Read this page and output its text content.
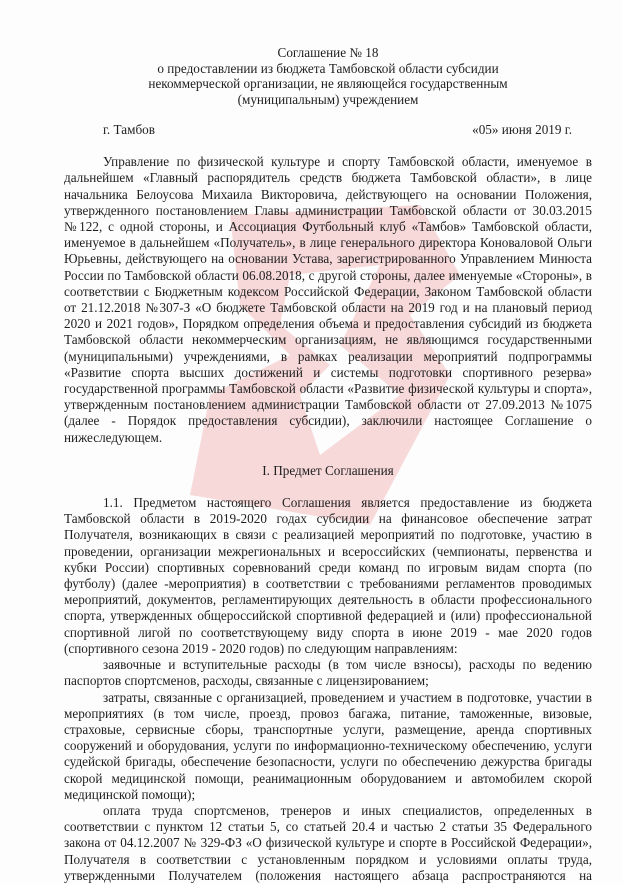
Соглашение № 18
о предоставлении из бюджета Тамбовской области субсидии
некоммерческой организации, не являющейся государственным
(муниципальным) учреждением
г. Тамбов	«05» июня 2019 г.

Управление по физической культуре и спорту Тамбовской области, именуемое в дальнейшем «Главный распорядитель средств бюджета Тамбовской области», в лице начальника Белоусова Михаила Викторовича, действующего на основании Положения, утвержденного постановлением Главы администрации Тамбовской области от 30.03.2015 №122, с одной стороны, и Ассоциация Футбольный клуб «Тамбов» Тамбовской области, именуемое в дальнейшем «Получатель», в лице генерального директора Коноваловой Ольги Юрьевны, действующего на основании Устава, зарегистрированного Управлением Минюста России по Тамбовской области 06.08.2018, с другой стороны, далее именуемые «Стороны», в соответствии с Бюджетным кодексом Российской Федерации, Законом Тамбовской области от 21.12.2018 №307-З «О бюджете Тамбовской области на 2019 год и на плановый период 2020 и 2021 годов», Порядком определения объема и предоставления субсидий из бюджета Тамбовской области некоммерческим организациям, не являющимся государственными (муниципальными) учреждениями, в рамках реализации мероприятий подпрограммы «Развитие спорта высших достижений и системы подготовки спортивного резерва» государственной программы Тамбовской области «Развитие физической культуры и спорта», утвержденным постановлением администрации Тамбовской области от 27.09.2013 №1075 (далее - Порядок предоставления субсидии), заключили настоящее Соглашение о нижеследующем.

I. Предмет Соглашения

1.1. Предметом настоящего Соглашения является предоставление из бюджета Тамбовской области в 2019-2020 годах субсидии на финансовое обеспечение затрат Получателя, возникающих в связи с реализацией мероприятий по подготовке, участию в проведении, организации межрегиональных и всероссийских (чемпионаты, первенства и кубки России) спортивных соревнований среди команд по игровым видам спорта (по футболу) (далее -мероприятия) в соответствии с требованиями регламентов проводимых мероприятий, документов, регламентирующих деятельность в области профессионального спорта, утвержденных общероссийской спортивной федерацией и (или) профессиональной спортивной лигой по соответствующему виду спорта в июне 2019 - мае 2020 годов (спортивного сезона 2019 - 2020 годов) по следующим направлениям:

заявочные и вступительные расходы (в том числе взносы), расходы по ведению паспортов спортсменов, расходы, связанные с лицензированием;

затраты, связанные с организацией, проведением и участием в подготовке, участии в мероприятиях (в том числе, проезд, провоз багажа, питание, таможенные, визовые, страховые, сервисные сборы, транспортные услуги, размещение, аренда спортивных сооружений и оборудования, услуги по информационно-техническому обеспечению, услуги судейской бригады, обеспечение безопасности, услуги по обеспечению дежурства бригады скорой медицинской помощи, реанимационным оборудованием и автомобилем скорой медицинской помощи);

оплата труда спортсменов, тренеров и иных специалистов, определенных в соответствии с пунктом 12 статьи 5, со статьей 20.4 и частью 2 статьи 35 Федерального закона от 04.12.2007 № 329-ФЗ «О физической культуре и спорте в Российской Федерации», Получателя в соответствии с установленным порядком и условиями оплаты труда, утвержденными Получателем (положения настоящего абзаца распространяются на
